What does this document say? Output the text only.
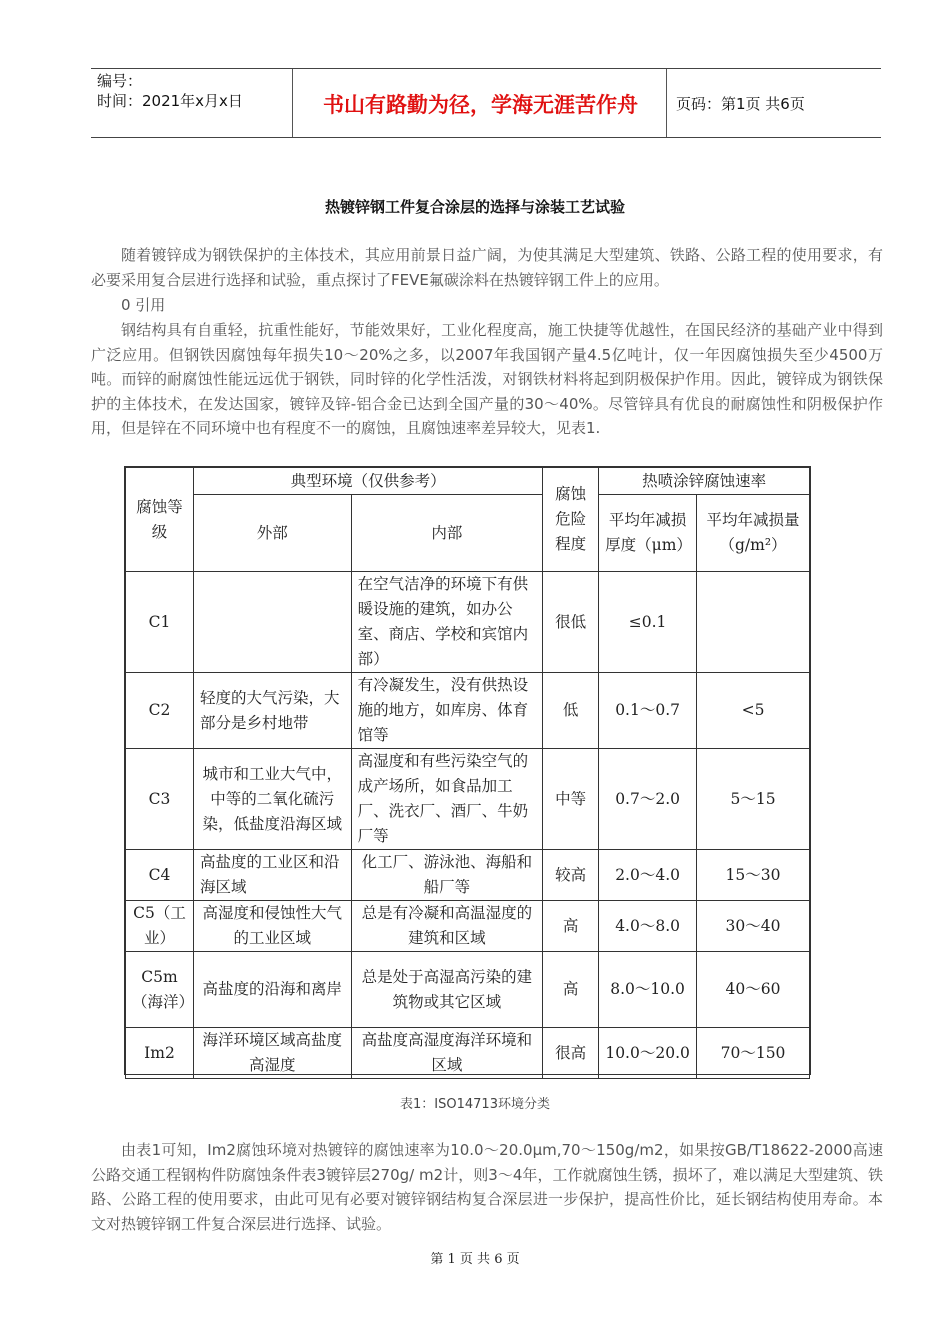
编号：
时间：2021年x月x日	书山有路勤为径，学海无涯苦作舟	页码：第1页 共6页
热镀锌钢工件复合涂层的选择与涂装工艺试验
随着镀锌成为钢铁保护的主体技术，其应用前景日益广阔，为使其满足大型建筑、铁路、公路工程的使用要求，有必要采用复合层进行选择和试验，重点探讨了FEVE氟碳涂料在热镀锌钢工件上的应用。
0 引用
钢结构具有自重轻，抗重性能好，节能效果好，工业化程度高，施工快捷等优越性，在国民经济的基础产业中得到广泛应用。但钢铁因腐蚀每年损失10～20%之多，以2007年我国钢产量4.5亿吨计，仅一年因腐蚀损失至少4500万吨。而锌的耐腐蚀性能远远优于钢铁，同时锌的化学性活泼，对钢铁材料将起到阴极保护作用。因此，镀锌成为钢铁保护的主体技术，在发达国家，镀锌及锌-铝合金已达到全国产量的30～40%。尽管锌具有优良的耐腐蚀性和阴极保护作用，但是锌在不同环境中也有程度不一的腐蚀，且腐蚀速率差异较大，见表1.
腐蚀等级	典型环境（仅供参考）		腐蚀危险程度	热喷涂锌腐蚀速率	
	外部	内部		平均年减损厚度（μm）	平均年减损量（g/m²）
C1		在空气洁净的环境下有供暖设施的建筑，如办公室、商店、学校和宾馆内部）	很低	≤0.1	
C2	轻度的大气污染，大部分是乡村地带	有冷凝发生，没有供热设施的地方，如库房、体育馆等	低	0.1～0.7	<5
C3	城市和工业大气中，中等的二氧化硫污染，低盐度沿海区域	高湿度和有些污染空气的成产场所，如食品加工厂、洗衣厂、酒厂、牛奶厂等	中等	0.7～2.0	5～15
C4	高盐度的工业区和沿海区域	化工厂、游泳池、海船和船厂等	较高	2.0～4.0	15～30
C5（工业）	高湿度和侵蚀性大气的工业区域	总是有冷凝和高温湿度的建筑和区域	高	4.0～8.0	30～40
C5m（海洋）	高盐度的沿海和离岸	总是处于高湿高污染的建筑物或其它区域	高	8.0～10.0	40～60
Im2	海洋环境区域高盐度高湿度	高盐度高湿度海洋环境和区域	很高	10.0～20.0	70～150
表1：ISO14713环境分类
由表1可知，Im2腐蚀环境对热镀锌的腐蚀速率为10.0～20.0μm,70～150g/m2，如果按GB/T18622-2000高速公路交通工程钢构件防腐蚀条件表3镀锌层270g/ m2计，则3～4年，工作就腐蚀生锈，损坏了，难以满足大型建筑、铁路、公路工程的使用要求，由此可见有必要对镀锌钢结构复合深层进一步保护，提高性价比，延长钢结构使用寿命。本文对热镀锌钢工件复合深层进行选择、试验。
第 1 页 共 6 页
